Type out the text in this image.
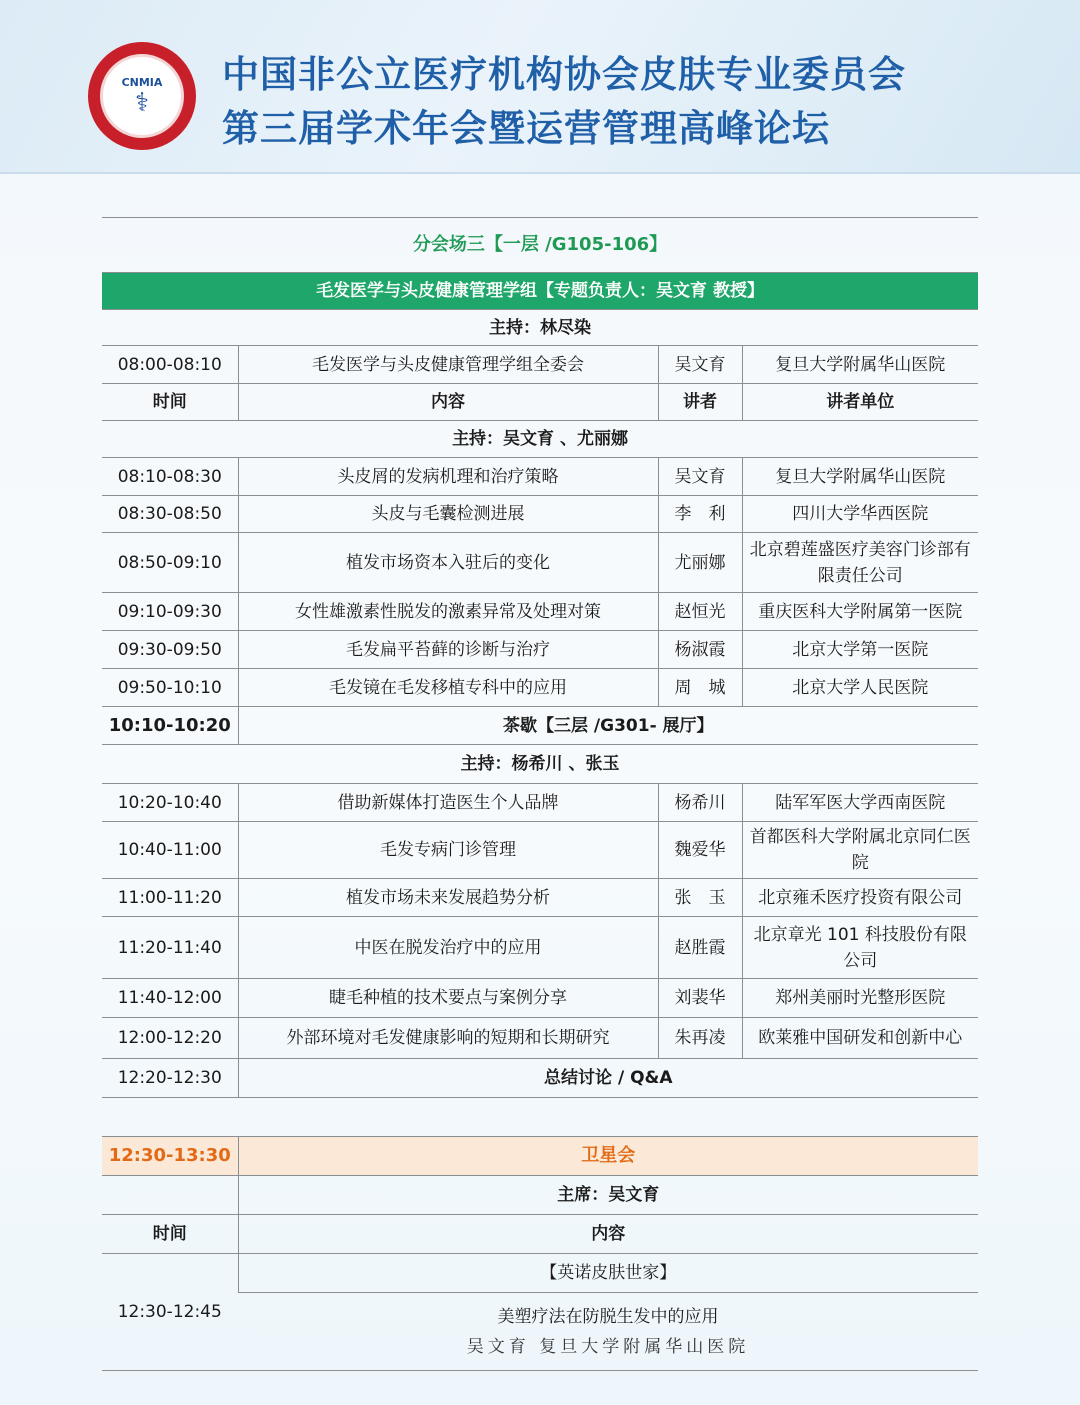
CNMIA
⚕
中国非公立医疗机构协会皮肤专业委员会
第三届学术年会暨运营管理高峰论坛
分会场三【一层 /G105-106】			
毛发医学与头皮健康管理学组【专题负责人：吴文育 教授】			
主持：林尽染			
08:00-08:10	毛发医学与头皮健康管理学组全委会	吴文育	复旦大学附属华山医院
时间	内容	讲者	讲者单位
主持：吴文育 、尤丽娜			
08:10-08:30	头皮屑的发病机理和治疗策略	吴文育	复旦大学附属华山医院
08:30-08:50	头皮与毛囊检测进展	李　利	四川大学华西医院
08:50-09:10	植发市场资本入驻后的变化	尤丽娜	北京碧莲盛医疗美容门诊部有限责任公司
09:10-09:30	女性雄激素性脱发的激素异常及处理对策	赵恒光	重庆医科大学附属第一医院
09:30-09:50	毛发扁平苔藓的诊断与治疗	杨淑霞	北京大学第一医院
09:50-10:10	毛发镜在毛发移植专科中的应用	周　城	北京大学人民医院
10:10-10:20	茶歇【三层 /G301- 展厅】		
主持：杨希川 、张玉			
10:20-10:40	借助新媒体打造医生个人品牌	杨希川	陆军军医大学西南医院
10:40-11:00	毛发专病门诊管理	魏爱华	首都医科大学附属北京同仁医院
11:00-11:20	植发市场未来发展趋势分析	张　玉	北京雍禾医疗投资有限公司
11:20-11:40	中医在脱发治疗中的应用	赵胜霞	北京章光 101 科技股份有限公司
11:40-12:00	睫毛种植的技术要点与案例分享	刘裴华	郑州美丽时光整形医院
12:00-12:20	外部环境对毛发健康影响的短期和长期研究	朱再凌	欧莱雅中国研发和创新中心
12:20-12:30	总结讨论 / Q&A		
12:30-13:30	卫星会
	主席：吴文育
时间	内容
12:30-12:45	【英诺皮肤世家】

	美塑疗法在防脱生发中的应用
吴文育 复旦大学附属华山医院
